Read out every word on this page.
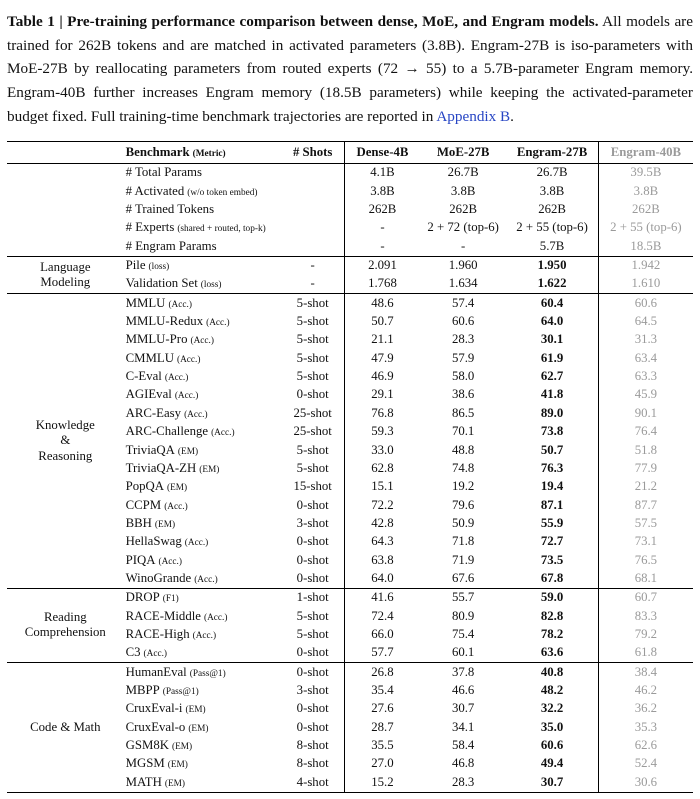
Table 1 | Pre-training performance comparison between dense, MoE, and Engram models. All models are trained for 262B tokens and are matched in activated parameters (3.8B). Engram-27B is iso-parameters with MoE-27B by reallocating parameters from routed experts (72 → 55) to a 5.7B-parameter Engram memory. Engram-40B further increases Engram memory (18.5B parameters) while keeping the activated-parameter budget fixed. Full training-time benchmark trajectories are reported in Appendix B.

	Benchmark (Metric)	# Shots	Dense-4B	MoE-27B	Engram-27B	Engram-40B
	# Total Params		4.1B	26.7B	26.7B	39.5B
	# Activated (w/o token embed)		3.8B	3.8B	3.8B	3.8B
	# Trained Tokens		262B	262B	262B	262B
	# Experts (shared + routed, top-k)		-	2 + 72 (top-6)	2 + 55 (top-6)	2 + 55 (top-6)
	# Engram Params		-	-	5.7B	18.5B
Language
Modeling	Pile (loss)	-	2.091	1.960	1.950	1.942
	Validation Set (loss)	-	1.768	1.634	1.622	1.610
Knowledge
&
Reasoning	MMLU (Acc.)	5-shot	48.6	57.4	60.4	60.6
	MMLU-Redux (Acc.)	5-shot	50.7	60.6	64.0	64.5
	MMLU-Pro (Acc.)	5-shot	21.1	28.3	30.1	31.3
	CMMLU (Acc.)	5-shot	47.9	57.9	61.9	63.4
	C-Eval (Acc.)	5-shot	46.9	58.0	62.7	63.3
	AGIEval (Acc.)	0-shot	29.1	38.6	41.8	45.9
	ARC-Easy (Acc.)	25-shot	76.8	86.5	89.0	90.1
	ARC-Challenge (Acc.)	25-shot	59.3	70.1	73.8	76.4
	TriviaQA (EM)	5-shot	33.0	48.8	50.7	51.8
	TriviaQA-ZH (EM)	5-shot	62.8	74.8	76.3	77.9
	PopQA (EM)	15-shot	15.1	19.2	19.4	21.2
	CCPM (Acc.)	0-shot	72.2	79.6	87.1	87.7
	BBH (EM)	3-shot	42.8	50.9	55.9	57.5
	HellaSwag (Acc.)	0-shot	64.3	71.8	72.7	73.1
	PIQA (Acc.)	0-shot	63.8	71.9	73.5	76.5
	WinoGrande (Acc.)	0-shot	64.0	67.6	67.8	68.1
Reading
Comprehension	DROP (F1)	1-shot	41.6	55.7	59.0	60.7
	RACE-Middle (Acc.)	5-shot	72.4	80.9	82.8	83.3
	RACE-High (Acc.)	5-shot	66.0	75.4	78.2	79.2
	C3 (Acc.)	0-shot	57.7	60.1	63.6	61.8
Code & Math	HumanEval (Pass@1)	0-shot	26.8	37.8	40.8	38.4
	MBPP (Pass@1)	3-shot	35.4	46.6	48.2	46.2
	CruxEval-i (EM)	0-shot	27.6	30.7	32.2	36.2
	CruxEval-o (EM)	0-shot	28.7	34.1	35.0	35.3
	GSM8K (EM)	8-shot	35.5	58.4	60.6	62.6
	MGSM (EM)	8-shot	27.0	46.8	49.4	52.4
	MATH (EM)	4-shot	15.2	28.3	30.7	30.6
